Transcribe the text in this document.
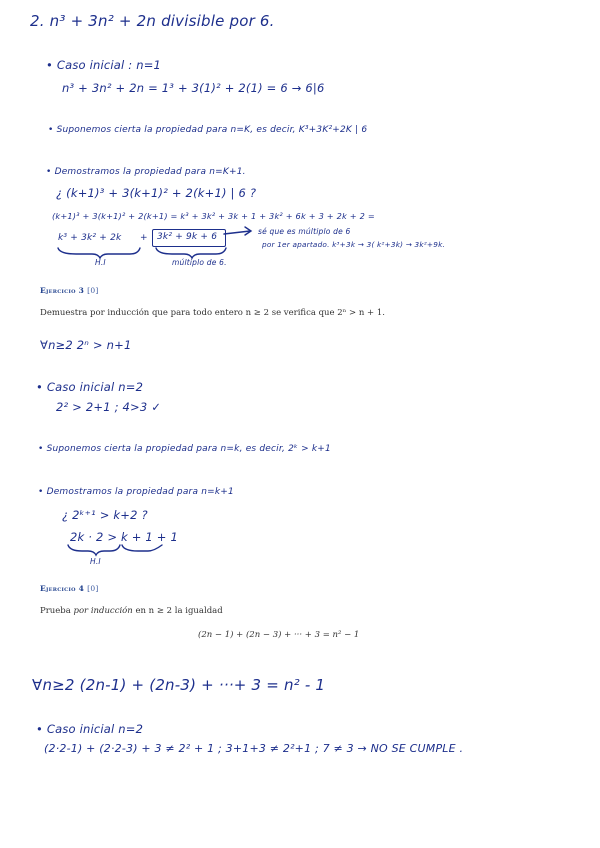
2. n³ + 3n² + 2n divisible por 6.
• Caso inicial : n=1
n³ + 3n² + 2n = 1³ + 3(1)² + 2(1) = 6 → 6|6
• Suponemos cierta la propiedad para n=K, es decir, K³+3K²+2K | 6
• Demostramos la propiedad para n=K+1.
¿ (k+1)³ + 3(k+1)² + 2(k+1) | 6 ?
(k+1)³ + 3(k+1)² + 2(k+1) = k³ + 3k² + 3k + 1 + 3k² + 6k + 3 + 2k + 2 =
k³ + 3k² + 2k + 3k² + 9k + 6
sé que es múltiplo de 6
por 1er apartado. k³+3k → 3( k²+3k) → 3k²+9k.
H.I	múltiplo de 6.
Ejercicio 3 [0]
Demuestra por inducción que para todo entero n ≥ 2 se verifica que 2ⁿ > n + 1.
∀n≥2 2ⁿ > n+1
• Caso inicial n=2
2² > 2+1 ; 4>3 ✓
• Suponemos cierta la propiedad para n=k, es decir, 2ᵏ > k+1
• Demostramos la propiedad para n=k+1
¿ 2ᵏ⁺¹ > k+2 ?
2k · 2 > k + 1 + 1
H.I
Ejercicio 4 [0]
Prueba por inducción en n ≥ 2 la igualdad
(2n − 1) + (2n − 3) + ··· + 3 = n² − 1
∀n≥2 (2n-1) + (2n-3) + ···+ 3 = n² - 1
• Caso inicial n=2
(2·2-1) + (2·2-3) + 3 ≠ 2² + 1 ; 3+1+3 ≠ 2²+1 ; 7 ≠ 3 → NO SE CUMPLE .
